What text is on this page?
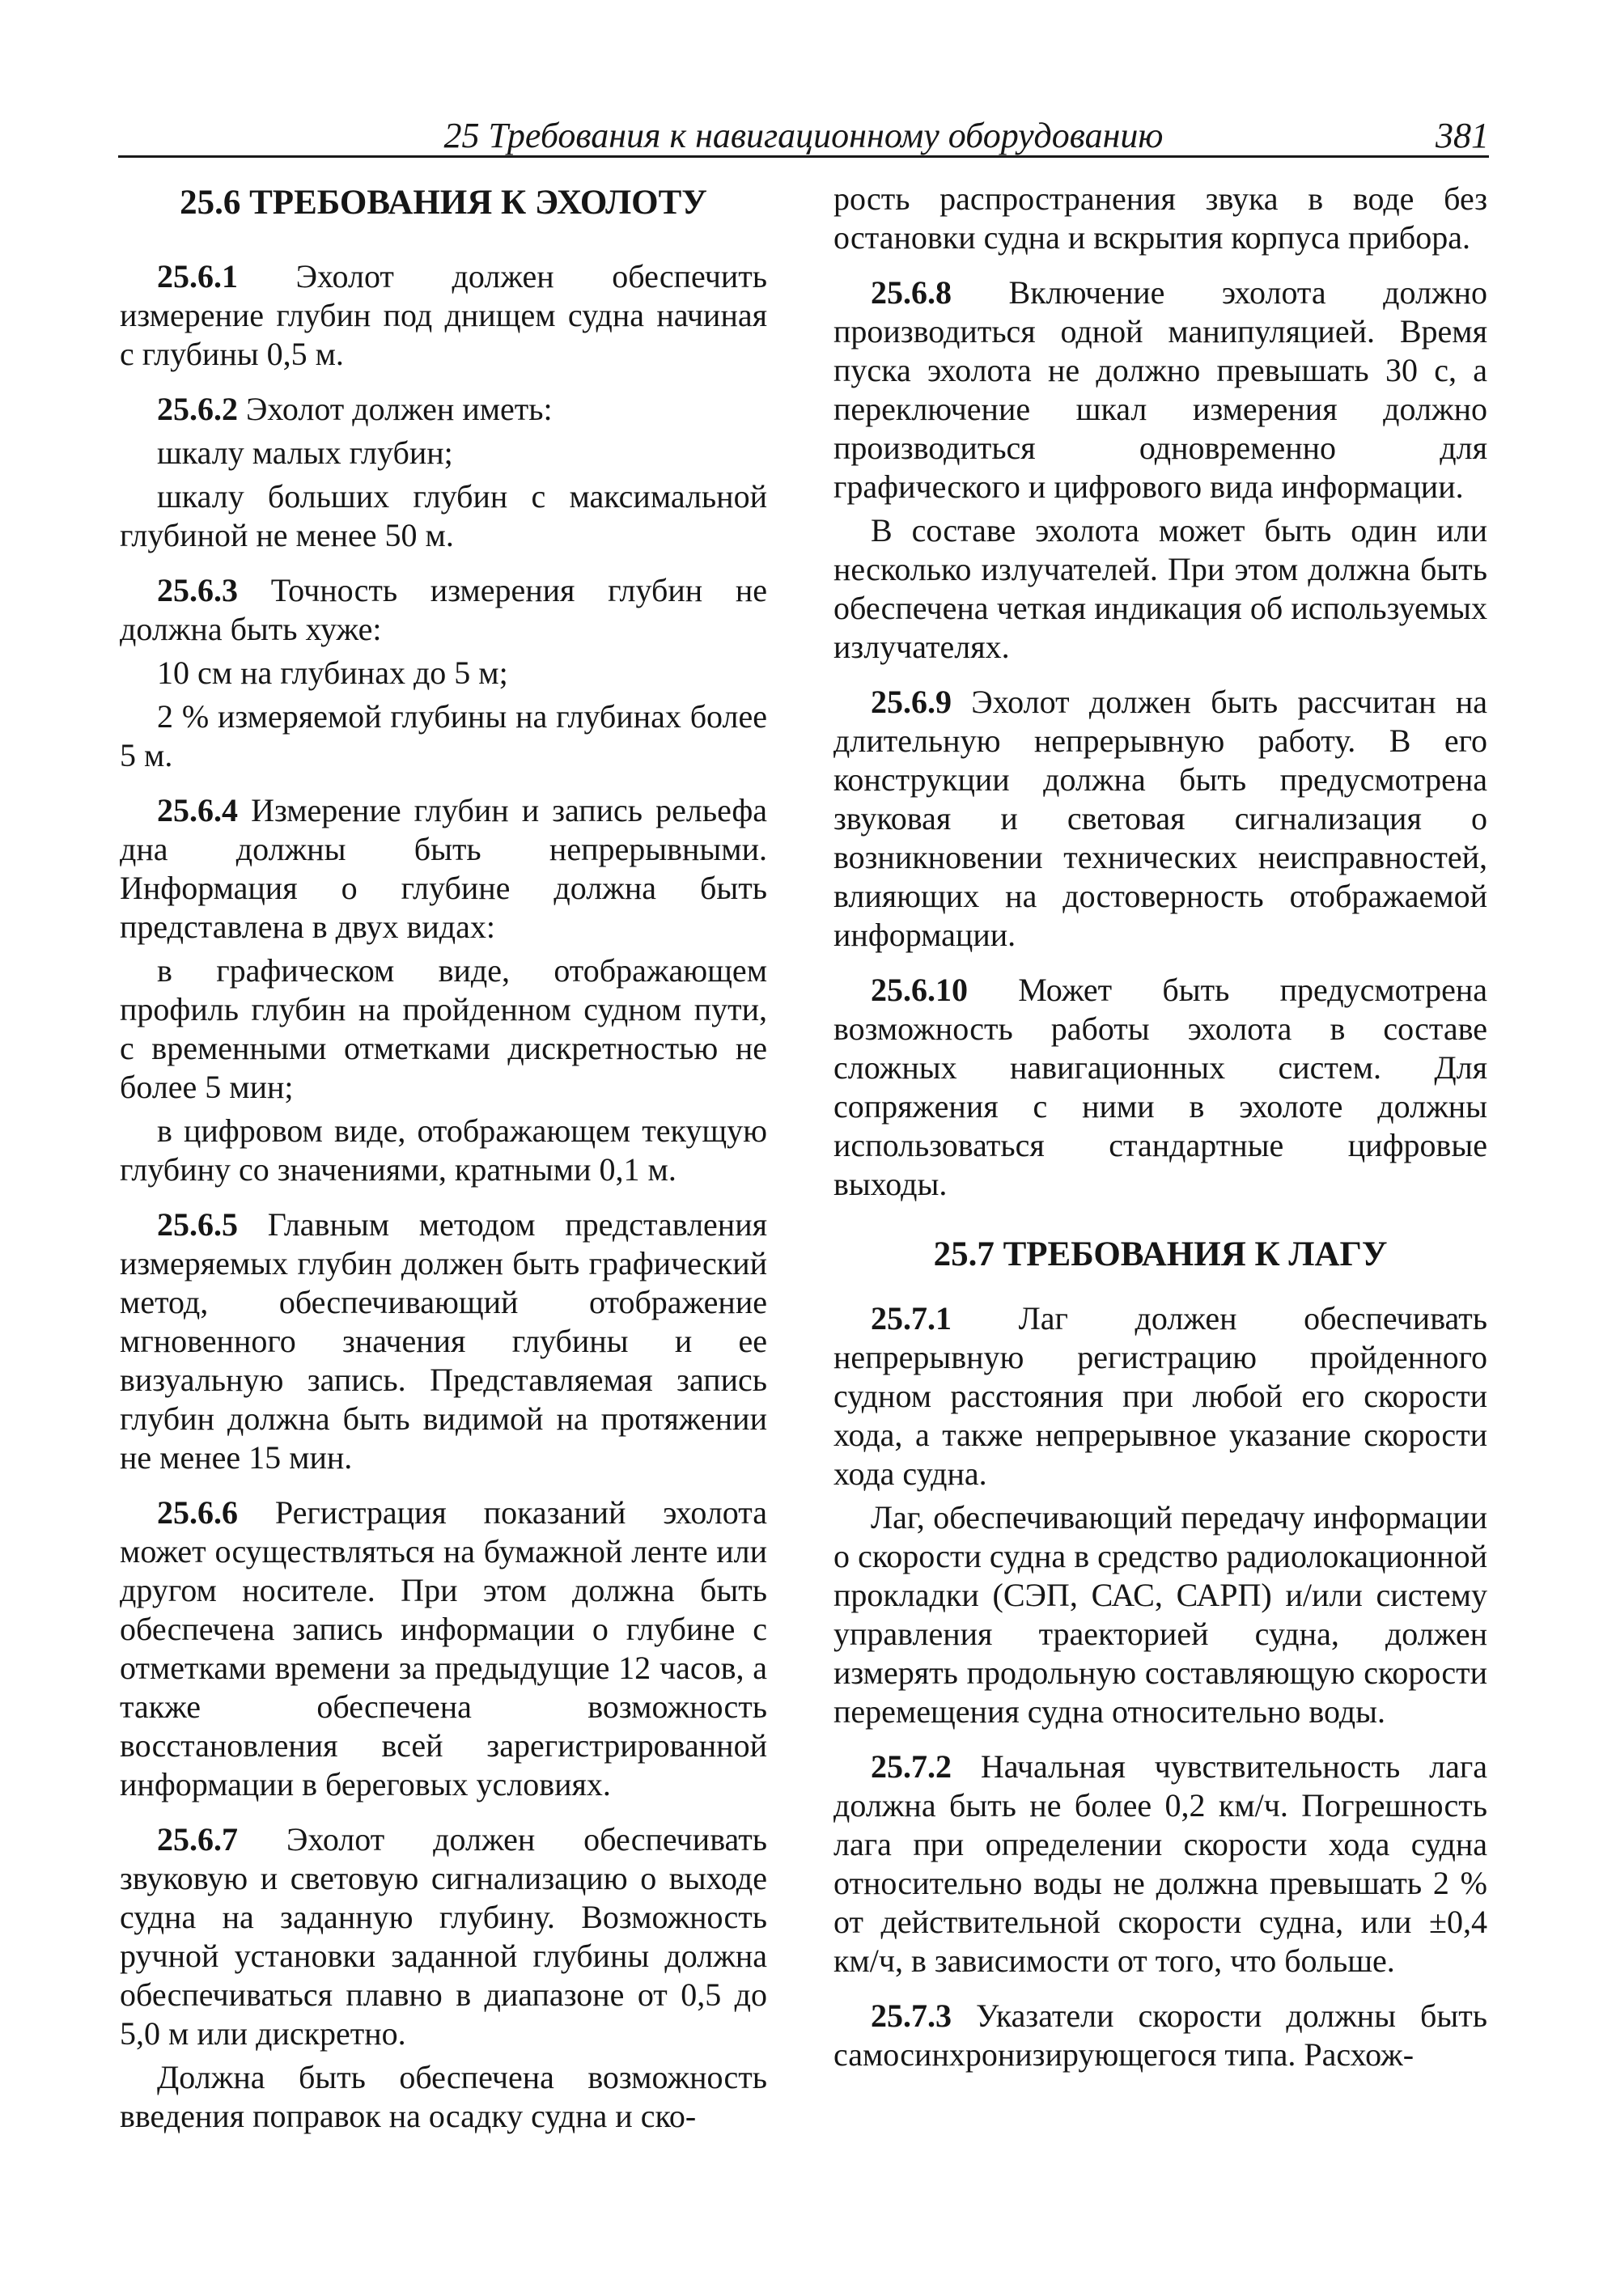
25 Требования к навигационному оборудованию	381
25.6 ТРЕБОВАНИЯ К ЭХОЛОТУ

25.6.1 Эхолот должен обеспечить измерение глубин под днищем судна начиная с глубины 0,5 м.

25.6.2 Эхолот должен иметь:

шкалу малых глубин;

шкалу больших глубин с максимальной глубиной не менее 50 м.

25.6.3 Точность измерения глубин не должна быть хуже:

10 см на глубинах до 5 м;

2 % измеряемой глубины на глубинах более 5 м.

25.6.4 Измерение глубин и запись рельефа дна должны быть непрерывными. Информация о глубине должна быть представлена в двух видах:

в графическом виде, отображающем профиль глубин на пройденном судном пути, с временными отметками дискретностью не более 5 мин;

в цифровом виде, отображающем текущую глубину со значениями, кратными 0,1 м.

25.6.5 Главным методом представления измеряемых глубин должен быть графический метод, обеспечивающий отображение мгновенного значения глубины и ее визуальную запись. Представляемая запись глубин должна быть видимой на протяжении не менее 15 мин.

25.6.6 Регистрация показаний эхолота может осуществляться на бумажной ленте или другом носителе. При этом должна быть обеспечена запись информации о глубине с отметками времени за предыдущие 12 часов, а также обеспечена возможность восстановления всей зарегистрированной информации в береговых условиях.

25.6.7 Эхолот должен обеспечивать звуковую и световую сигнализацию о выходе судна на заданную глубину. Возможность ручной установки заданной глубины должна обеспечиваться плавно в диапазоне от 0,5 до 5,0 м или дискретно.

Должна быть обеспечена возможность введения поправок на осадку судна и ско-

рость распространения звука в воде без остановки судна и вскрытия корпуса прибора.

25.6.8 Включение эхолота должно производиться одной манипуляцией. Время пуска эхолота не должно превышать 30 с, а переключение шкал измерения должно производиться одновременно для графического и цифрового вида информации.

В составе эхолота может быть один или несколько излучателей. При этом должна быть обеспечена четкая индикация об используемых излучателях.

25.6.9 Эхолот должен быть рассчитан на длительную непрерывную работу. В его конструкции должна быть предусмотрена звуковая и световая сигнализация о возникновении технических неисправностей, влияющих на достоверность отображаемой информации.

25.6.10 Может быть предусмотрена возможность работы эхолота в составе сложных навигационных систем. Для сопряжения с ними в эхолоте должны использоваться стандартные цифровые выходы.

25.7 ТРЕБОВАНИЯ К ЛАГУ

25.7.1 Лаг должен обеспечивать непрерывную регистрацию пройденного судном расстояния при любой его скорости хода, а также непрерывное указание скорости хода судна.

Лаг, обеспечивающий передачу информации о скорости судна в средство радиолокационной прокладки (СЭП, САС, САРП) и/или систему управления траекторией судна, должен измерять продольную составляющую скорости перемещения судна относительно воды.

25.7.2 Начальная чувствительность лага должна быть не более 0,2 км/ч. Погрешность лага при определении скорости хода судна относительно воды не должна превышать 2 % от действительной скорости судна, или ±0,4 км/ч, в зависимости от того, что больше.

25.7.3 Указатели скорости должны быть самосинхронизирующегося типа. Расхож-
